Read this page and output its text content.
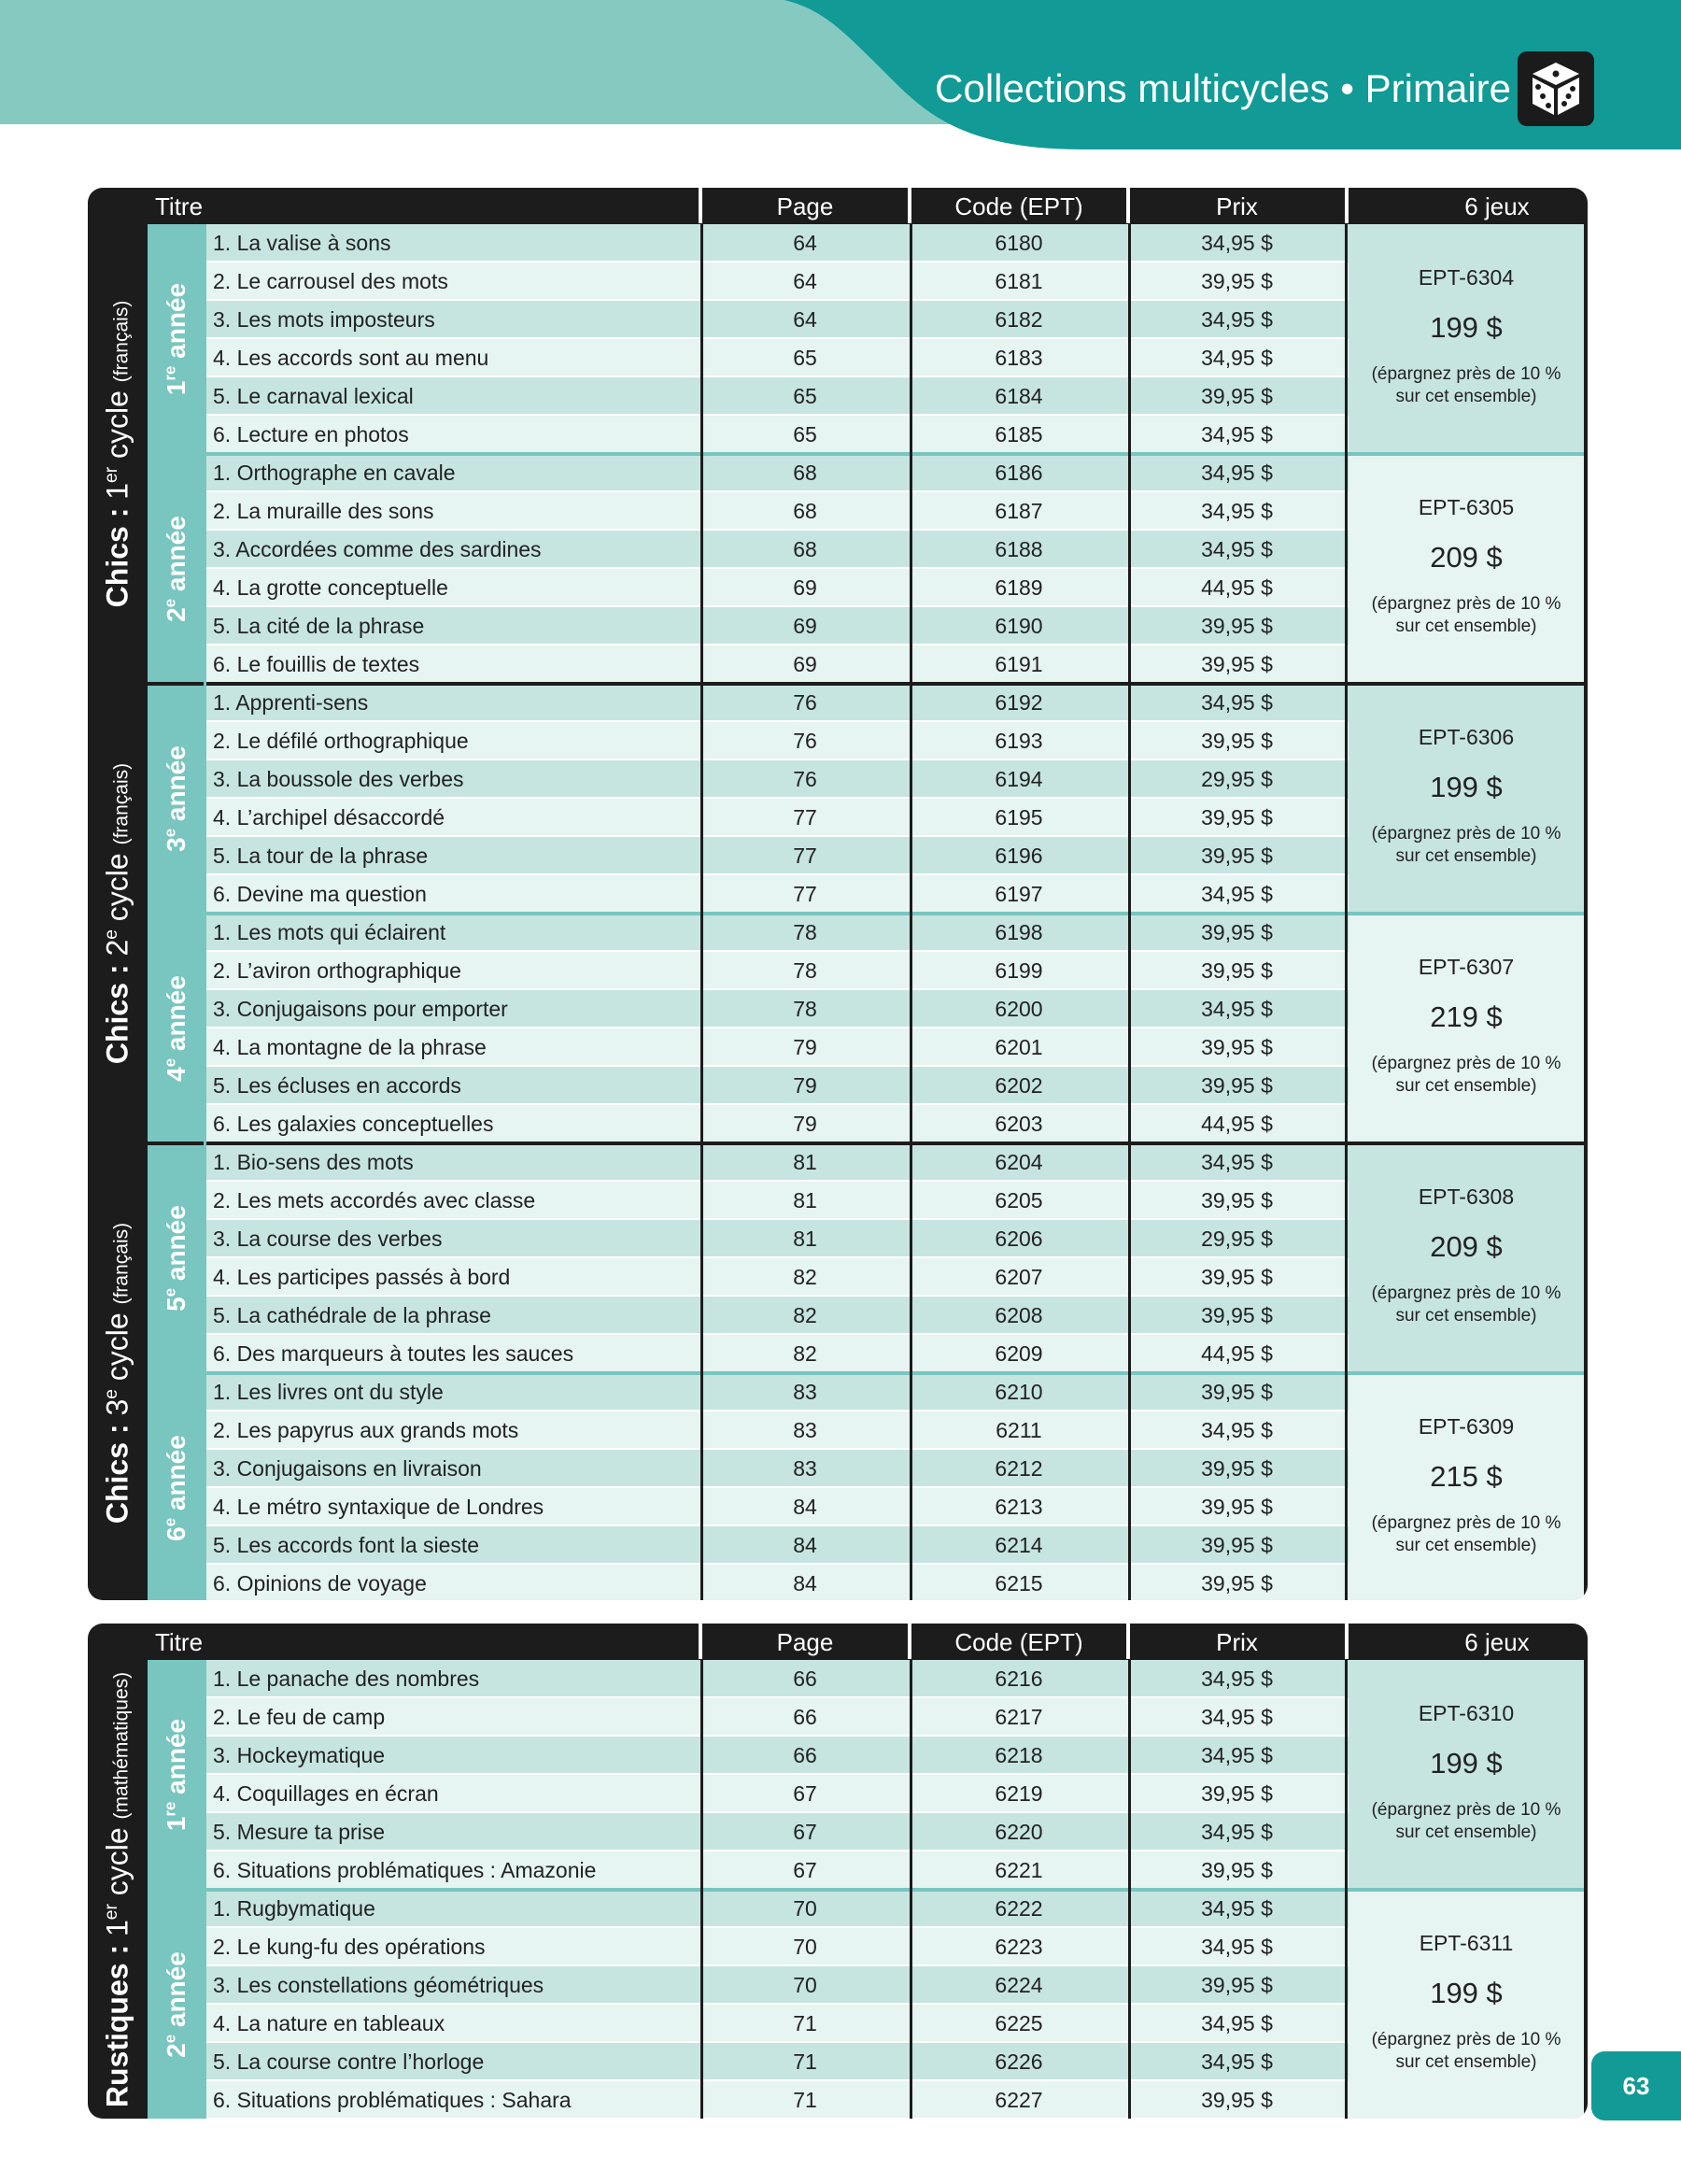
Collections multicycles • Primaire
Titre	Page	Code (EPT)	Prix	6 jeux
Chics : 1er cycle (français)
Chics : 2e cycle (français)
Chics : 3e cycle (français)
1re année
1. La valise à sons	64	6180	34,95 $
2. Le carrousel des mots	64	6181	39,95 $
3. Les mots imposteurs	64	6182	34,95 $
4. Les accords sont au menu	65	6183	34,95 $
5. Le carnaval lexical	65	6184	39,95 $
6. Lecture en photos	65	6185	34,95 $
EPT-6304
199 $
(épargnez près de 10 %
sur cet ensemble)
2e année
1. Orthographe en cavale	68	6186	34,95 $
2. La muraille des sons	68	6187	34,95 $
3. Accordées comme des sardines	68	6188	34,95 $
4. La grotte conceptuelle	69	6189	44,95 $
5. La cité de la phrase	69	6190	39,95 $
6. Le fouillis de textes	69	6191	39,95 $
EPT-6305
209 $
(épargnez près de 10 %
sur cet ensemble)
3e année
1. Apprenti-sens	76	6192	34,95 $
2. Le défilé orthographique	76	6193	39,95 $
3. La boussole des verbes	76	6194	29,95 $
4. L’archipel désaccordé	77	6195	39,95 $
5. La tour de la phrase	77	6196	39,95 $
6. Devine ma question	77	6197	34,95 $
EPT-6306
199 $
(épargnez près de 10 %
sur cet ensemble)
4e année
1. Les mots qui éclairent	78	6198	39,95 $
2. L’aviron orthographique	78	6199	39,95 $
3. Conjugaisons pour emporter	78	6200	34,95 $
4. La montagne de la phrase	79	6201	39,95 $
5. Les écluses en accords	79	6202	39,95 $
6. Les galaxies conceptuelles	79	6203	44,95 $
EPT-6307
219 $
(épargnez près de 10 %
sur cet ensemble)
5e année
1. Bio-sens des mots	81	6204	34,95 $
2. Les mets accordés avec classe	81	6205	39,95 $
3. La course des verbes	81	6206	29,95 $
4. Les participes passés à bord	82	6207	39,95 $
5. La cathédrale de la phrase	82	6208	39,95 $
6. Des marqueurs à toutes les sauces	82	6209	44,95 $
EPT-6308
209 $
(épargnez près de 10 %
sur cet ensemble)
6e année
1. Les livres ont du style	83	6210	39,95 $
2. Les papyrus aux grands mots	83	6211	34,95 $
3. Conjugaisons en livraison	83	6212	39,95 $
4. Le métro syntaxique de Londres	84	6213	39,95 $
5. Les accords font la sieste	84	6214	39,95 $
6. Opinions de voyage	84	6215	39,95 $
EPT-6309
215 $
(épargnez près de 10 %
sur cet ensemble)
Titre	Page	Code (EPT)	Prix	6 jeux
Rustiques : 1er cycle (mathématiques)
1re année
1. Le panache des nombres	66	6216	34,95 $
2. Le feu de camp	66	6217	34,95 $
3. Hockeymatique	66	6218	34,95 $
4. Coquillages en écran	67	6219	39,95 $
5. Mesure ta prise	67	6220	34,95 $
6. Situations problématiques : Amazonie	67	6221	39,95 $
EPT-6310
199 $
(épargnez près de 10 %
sur cet ensemble)
2e année
1. Rugbymatique	70	6222	34,95 $
2. Le kung-fu des opérations	70	6223	34,95 $
3. Les constellations géométriques	70	6224	39,95 $
4. La nature en tableaux	71	6225	34,95 $
5. La course contre l’horloge	71	6226	34,95 $
6. Situations problématiques : Sahara	71	6227	39,95 $
EPT-6311
199 $
(épargnez près de 10 %
sur cet ensemble)
63
